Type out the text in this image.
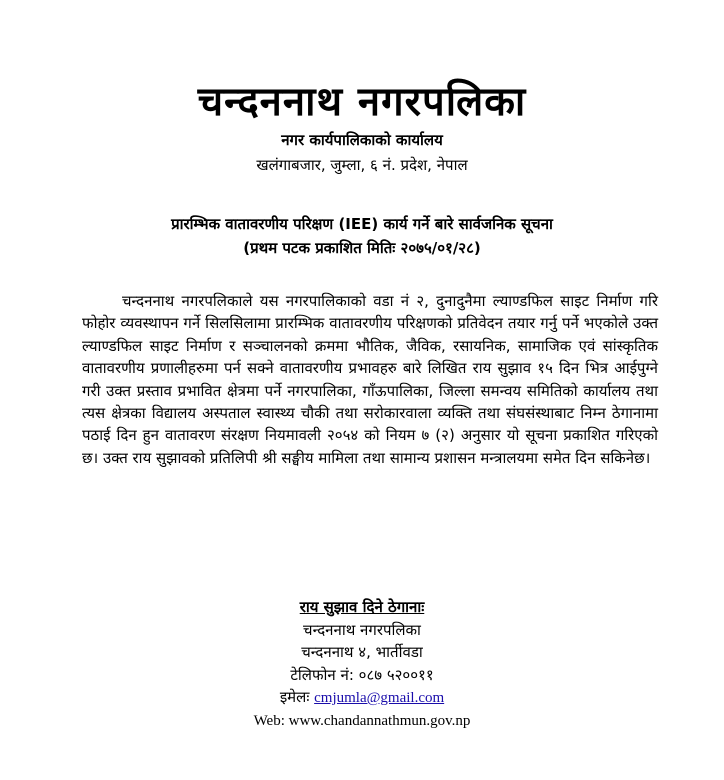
चन्दननाथ नगरपलिका
नगर कार्यपालिकाको कार्यालय
खलंगाबजार, जुम्ला, ६ नं. प्रदेश, नेपाल
प्रारम्भिक वातावरणीय परिक्षण (IEE) कार्य गर्ने बारे सार्वजनिक सूचना
(प्रथम पटक प्रकाशित मितिः २०७५/०१/२८)
चन्दननाथ नगरपलिकाले यस नगरपालिकाको वडा नं २, दुनादुनैमा ल्याण्डफिल साइट निर्माण गरि फोहोर व्यवस्थापन गर्ने सिलसिलामा प्रारम्भिक वातावरणीय परिक्षणको प्रतिवेदन तयार गर्नु पर्ने भएकोले उक्त ल्याण्डफिल साइट निर्माण र सञ्चालनको क्रममा भौतिक, जैविक, रसायनिक, सामाजिक एवं सांस्कृतिक वातावरणीय प्रणालीहरुमा पर्न सक्ने वातावरणीय प्रभावहरु बारे लिखित राय सुझाव १५ दिन भित्र आईपुग्ने गरी उक्त प्रस्ताव प्रभावित क्षेत्रमा पर्ने नगरपालिका, गाँऊपालिका, जिल्ला समन्वय समितिको कार्यालय तथा त्यस क्षेत्रका विद्यालय अस्पताल स्वास्थ्य चौकी तथा सरोकारवाला व्यक्ति तथा संघसंस्थाबाट निम्न ठेगानामा पठाई दिन हुन वातावरण संरक्षण नियमावली २०५४ को नियम ७ (२) अनुसार यो सूचना प्रकाशित गरिएको छ। उक्त राय सुझावको प्रतिलिपी श्री सङ्घीय मामिला तथा सामान्य प्रशासन मन्त्रालयमा समेत दिन सकिनेछ।
राय सुझाव दिने ठेगानाः
चन्दननाथ नगरपलिका
चन्दननाथ ४, भार्तीवडा
टेलिफोन नं: ०८७ ५२००११
इमेलः cmjumla@gmail.com
Web: www.chandannathmun.gov.np
